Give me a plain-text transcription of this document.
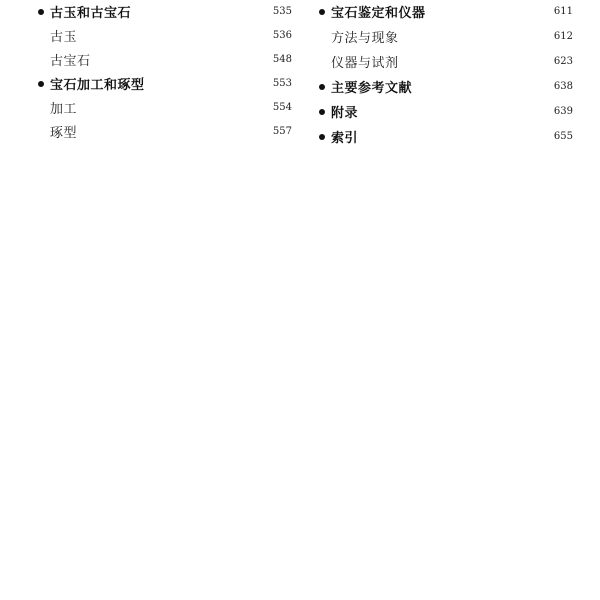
古玉和古宝石	535
古玉	536
古宝石	548
宝石加工和琢型	553
加工	554
琢型	557
宝石鉴定和仪器	611
方法与现象	612
仪器与试剂	623
主要参考文献	638
附录	639
索引	655
